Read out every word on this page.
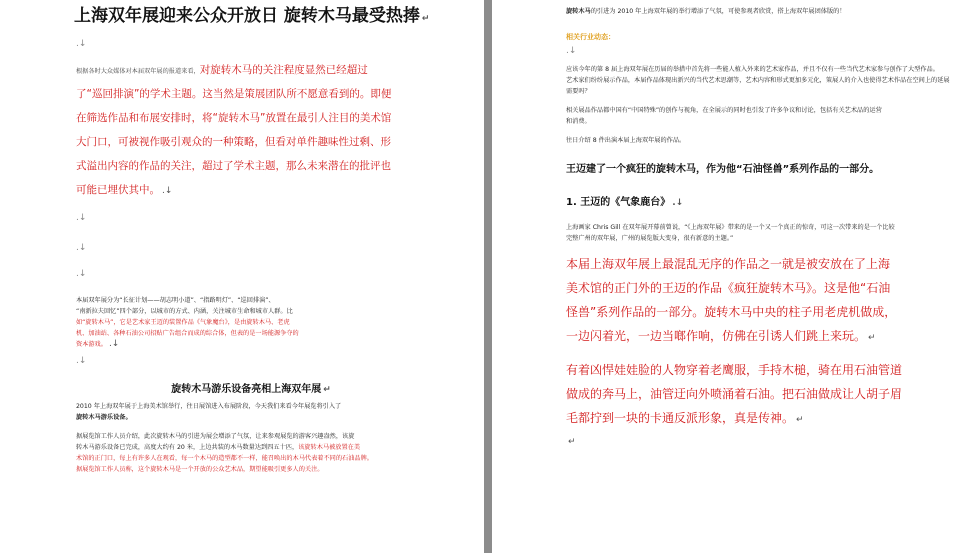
上海双年展迎来公众开放日 旋转木马最受热捧 ↵
.↓
根据各时大众媒体对本届双年展的报道来看，对旋转木马的关注程度显然已经超过
了“巡回排演”的学术主题。这当然是策展团队所不愿意看到的。即便
在筛选作品和布展安排时，将“旋转木马”放置在最引人注目的美术馆
大门口，可被视作吸引观众的一种策略，但看对单件趣味性过剩、形
式溢出内容的作品的关注，超过了学术主题，那么未来潜在的批评也
可能已埋伏其中。 .↓
.↓
.↓
.↓
本届双年展分为“长征计划——胡志明小道”、“指路明灯”、“巡回排演”、
“南新拉夫回忆”四个部分，以城市的方式、内涵，关注城市生命和城市人群。比
如“旋转木马”，它是艺术家王迈的装置作品《气象魔台》，是由旋转木马、老虎
机、加油站、各种石油公司招贴广告组合而成的综合体，但表的是一场能源争夺的
资本游戏。 .↓
.↓
旋转木马游乐设备亮相上海双年展 ↵
2010 年上海双年展于上海美术馆举行，往日展馆进入布展阶段，今天我们来看今年展览将引入了
旋转木马游乐设备。
据展览馆工作人员介绍，此次旋转木马的引进为展会增添了气氛，让来参观展览的游客兴趣盎然，该旋
转木马游乐设备已完成，高度大约有 20 米，上边共装的木马数量达到四五十匹，该旋转木马被放置在美
术馆的正门口，每上有许多人在观看，每一个木马的造型都不一样，能召唤出的木马代表着不同的石油品牌。
据展览馆工作人员称，这个旋转木马是一个开放的公众艺术品，期望能吸引更多人的关注。
旋转木马的引进为 2010 年上海双年展的举行增添了气氛，可使参观者欣赏，搭上海双年展团体版的！
相关行业动态：
.↓
应该今年的第 8 届上海双年展在历届的举措中首先将一些能人植入外来的艺术家作品，并且不仅有一些当代艺术家参与创作了大型作品。
艺术家们纷纷展示作品，本届作品体现出新兴的当代艺术思潮等，艺术内容和形式更加多元化，策展人的介入也使得艺术作品在空间上的延展
需要吗？
相关展品作品都中国有“中国特殊”的创作与视角，在全展示的同时也引发了许多争议和讨论，包括有关艺术品的运营
和消费。
往日介绍 8 件出演本届上海双年展的作品。
王迈建了一个疯狂的旋转木马，作为他“石油怪兽”系列作品的一部分。
1. 王迈的《气象鹿台》 .↓
上海画家 Chris Gill 在双年展开幕前曾说，“《上海双年展》带来的是一个又一个真正的惊奇，可这一次带来的是一个比较
完整广州的双年展，广州的展览版大变身，很有新意的主题。”
本届上海双年展上最混乱无序的作品之一就是被安放在了上海
美术馆的正门外的王迈的作品《疯狂旋转木马》。这是他“石油
怪兽”系列作品的一部分。旋转木马中央的柱子用老虎机做成，
一边闪着光，一边当啷作响，仿佛在引诱人们跳上来玩。 ↵
有着凶悍娃娃脸的人物穿着老鹰服，手持木槌，骑在用石油管道
做成的奔马上，油管迂向外喷涌着石油。把石油做成让人胡子眉
毛都拧到一块的卡通反派形象，真是传神。 ↵
↵
